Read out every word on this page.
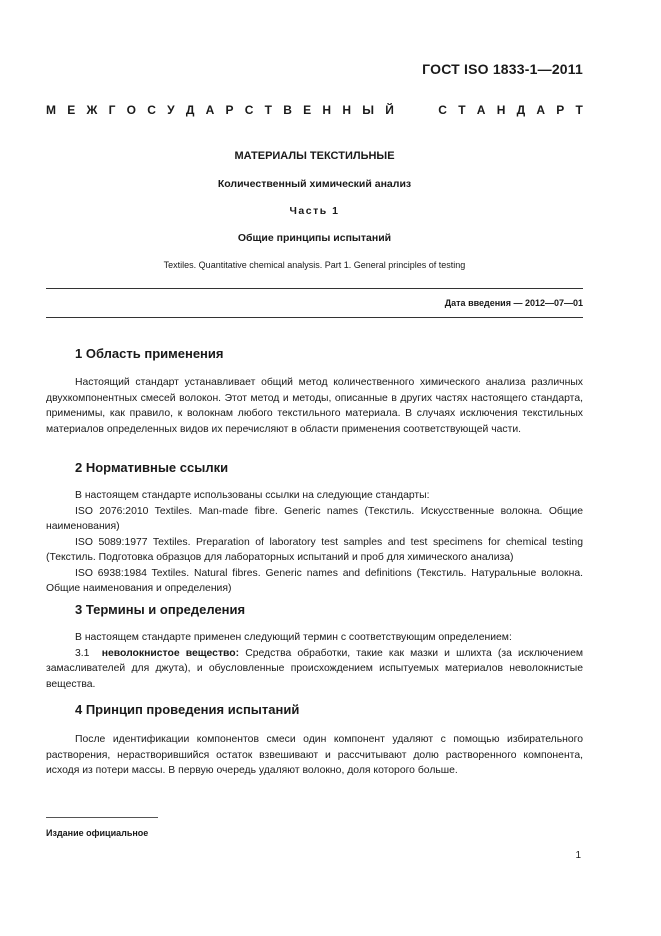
ГОСТ ISO 1833-1—2011
М Е Ж Г О С У Д А Р С Т В Е Н Н Ы Й	С Т А Н Д А Р Т
МАТЕРИАЛЫ ТЕКСТИЛЬНЫЕ
Количественный химический анализ
Часть 1
Общие принципы испытаний
Textiles. Quantitative chemical analysis. Part 1. General principles of testing
Дата введения — 2012—07—01
1 Область применения

Настоящий стандарт устанавливает общий метод количественного химического анализа различных двухкомпонентных смесей волокон. Этот метод и методы, описанные в других частях настоящего стандарта, применимы, как правило, к волокнам любого текстильного материала. В случаях исключения текстильных материалов определенных видов их перечисляют в области применения соответствующей части.

2 Нормативные ссылки

В настоящем стандарте использованы ссылки на следующие стандарты:

ISO 2076:2010 Textiles. Man-made fibre. Generic names (Текстиль. Искусственные волокна. Общие наименования)

ISO 5089:1977 Textiles. Preparation of laboratory test samples and test specimens for chemical testing (Текстиль. Подготовка образцов для лабораторных испытаний и проб для химического анализа)

ISO 6938:1984 Textiles. Natural fibres. Generic names and definitions (Текстиль. Натуральные волокна. Общие наименования и определения)

3 Термины и определения

В настоящем стандарте применен следующий термин с соответствующим определением:

3.1 неволокнистое вещество: Средства обработки, такие как мазки и шлихта (за исключением замасливателей для джута), и обусловленные происхождением испытуемых материалов неволокнистые вещества.

4 Принцип проведения испытаний

После идентификации компонентов смеси один компонент удаляют с помощью избирательного растворения, нерастворившийся остаток взвешивают и рассчитывают долю растворенного компонента, исходя из потери массы. В первую очередь удаляют волокно, доля которого больше.

Издание официальное
1
